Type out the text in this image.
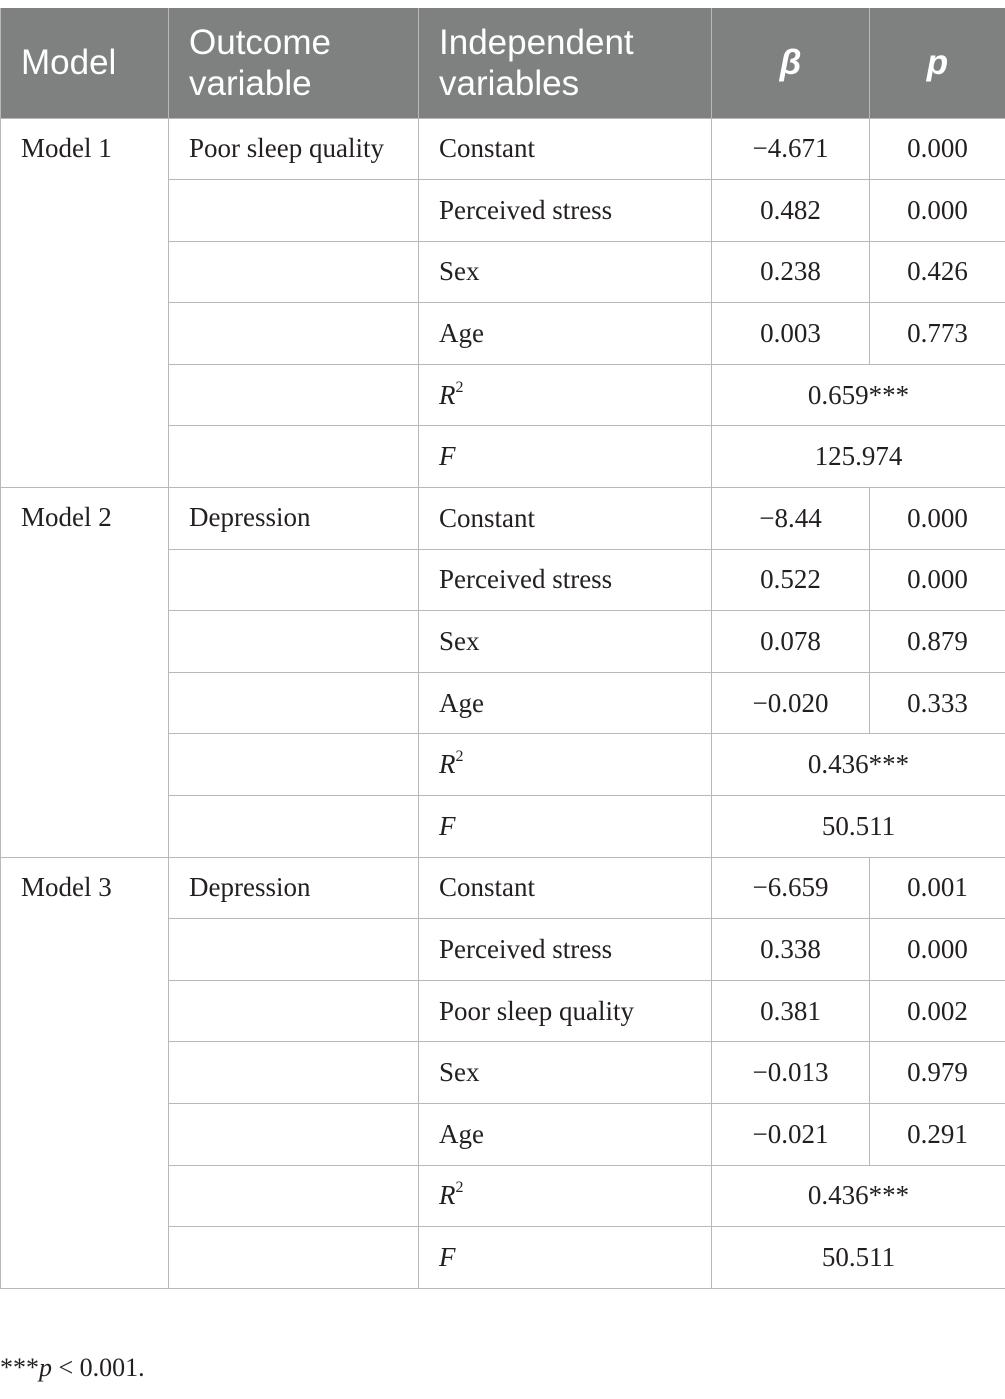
Model	Outcome variable	Independent variables	β	p
Model 1	Poor sleep quality	Constant	−4.671	0.000
		Perceived stress	0.482	0.000
		Sex	0.238	0.426
		Age	0.003	0.773
		$R^2$	0.659***	
		F	125.974	
Model 2	Depression	Constant	−8.44	0.000
		Perceived stress	0.522	0.000
		Sex	0.078	0.879
		Age	−0.020	0.333
		$R^2$	0.436***	
		F	50.511	
Model 3	Depression	Constant	−6.659	0.001
		Perceived stress	0.338	0.000
		Poor sleep quality	0.381	0.002
		Sex	−0.013	0.979
		Age	−0.021	0.291
		$R^2$	0.436***	
		F	50.511	
***p < 0.001.
